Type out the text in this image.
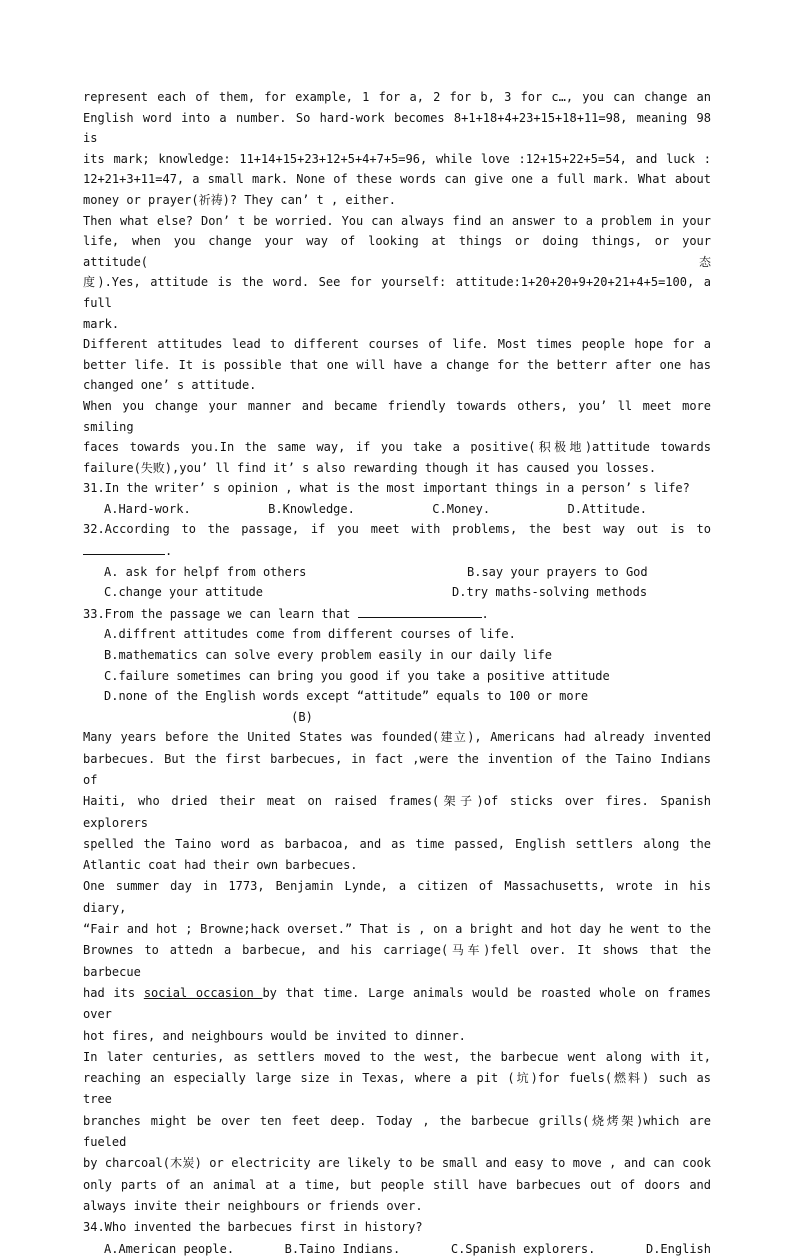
represent each of them, for example, 1 for a, 2 for b, 3 for c…, you can change an

English word into a number. So hard-work becomes 8+1+18+4+23+15+18+11=98, meaning 98 is

its mark; knowledge: 11+14+15+23+12+5+4+7+5=96, while love :12+15+22+5=54, and luck :

12+21+3+11=47, a small mark. None of these words can give one a full mark. What about

money or prayer(祈祷)? They can’ t , either.

Then what else? Don’ t be worried. You can always find an answer to a problem in your

life, when you change your way of looking at things or doing things, or your attitude(态

度).Yes, attitude is the word. See for yourself: attitude:1+20+20+9+20+21+4+5=100, a full

mark.

Different attitudes lead to different courses of life. Most times people hope for a

better life. It is possible that one will have a change for the betterr after one has

changed one’ s attitude.

When you change your manner and became friendly towards others, you’ ll meet more smiling

faces towards you.In the same way, if you take a positive(积极地)attitude towards

failure(失败),you’ ll find it’ s also rewarding though it has caused you losses.

31.In the writer’ s opinion , what is the most important things in a person’ s life?

A.Hard-work.	B.Knowledge.	C.Money.	D.Attitude.

32.According to the passage, if you meet with problems, the best way out is to

.

A. ask for helpf from others	B.say your prayers to God
C.change your attitude	D.try maths-solving methods

33.From the passage we can learn that	.

A.diffrent attitudes come from different courses of life.

B.mathematics can solve every problem easily in our daily life

C.failure sometimes can bring you good if you take a positive attitude

D.none of the English words except “attitude” equals to 100 or more

(B)

Many years before the United States was founded(建立), Americans had already invented

barbecues. But the first barbecues, in fact ,were the invention of the Taino Indians of

Haiti, who dried their meat on raised frames(架子)of sticks over fires. Spanish explorers

spelled the Taino word as barbacoa, and as time passed, English settlers along the

Atlantic coat had their own barbecues.

One summer day in 1773, Benjamin Lynde, a citizen of Massachusetts, wrote in his diary,

“Fair and hot ; Browne;hack overset.” That is , on a bright and hot day he went to the

Brownes to attedn a barbecue, and his carriage(马车)fell over. It shows that the barbecue

had its social occasion by that time. Large animals would be roasted whole on frames over

hot fires, and neighbours would be invited to dinner.

In later centuries, as settlers moved to the west, the barbecue went along with it,

reaching an especially large size in Texas, where a pit (坑)for fuels(燃料) such as tree

branches might be over ten feet deep. Today , the barbecue grills(烧烤架)which are fueled

by charcoal(木炭) or electricity are likely to be small and easy to move , and can cook

only parts of an animal at a time, but people still have barbecues out of doors and

always invite their neighbours or friends over.

34.Who invented the barbecues first in history?

A.American people.	B.Taino Indians.	C.Spanish explorers.	D.English
